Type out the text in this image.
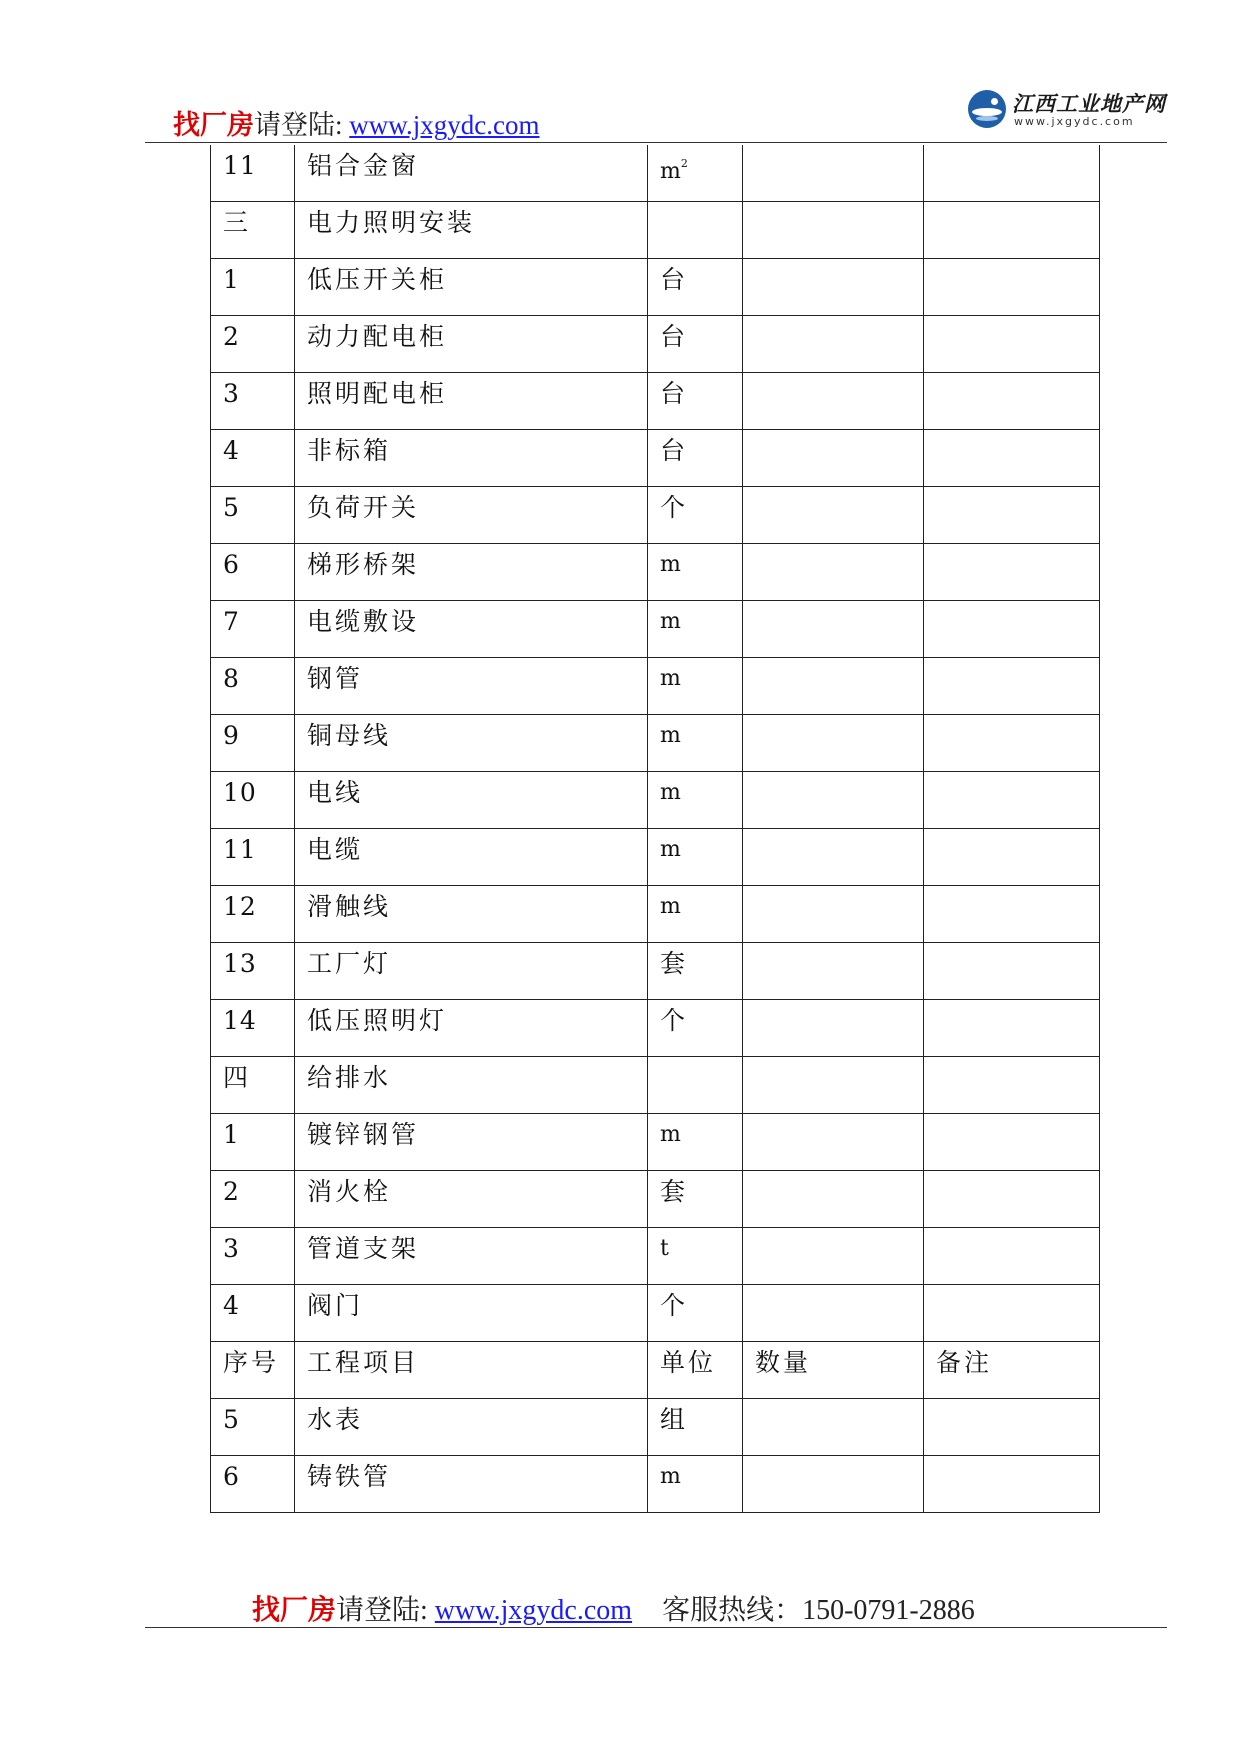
找厂房请登陆: www.jxgydc.com
江西工业地产网
www.jxgydc.com
11	铝合金窗	$m^2$	

三	电力照明安装			

1	低压开关柜	台		

2	动力配电柜	台		

3	照明配电柜	台		

4	非标箱	台		

5	负荷开关	个		

6	梯形桥架	m		

7	电缆敷设	m		

8	钢管	m		

9	铜母线	m		

10	电线	m		

11	电缆	m		

12	滑触线	m		

13	工厂灯	套		

14	低压照明灯	个		

四	给排水			

1	镀锌钢管	m		

2	消火栓	套		

3	管道支架	t		

4	阀门	个		

序号	工程项目	单位	数量	备注

5	水表	组		

6	铸铁管	m		

找厂房请登陆: www.jxgydc.com 客服热线：150-0791-2886
